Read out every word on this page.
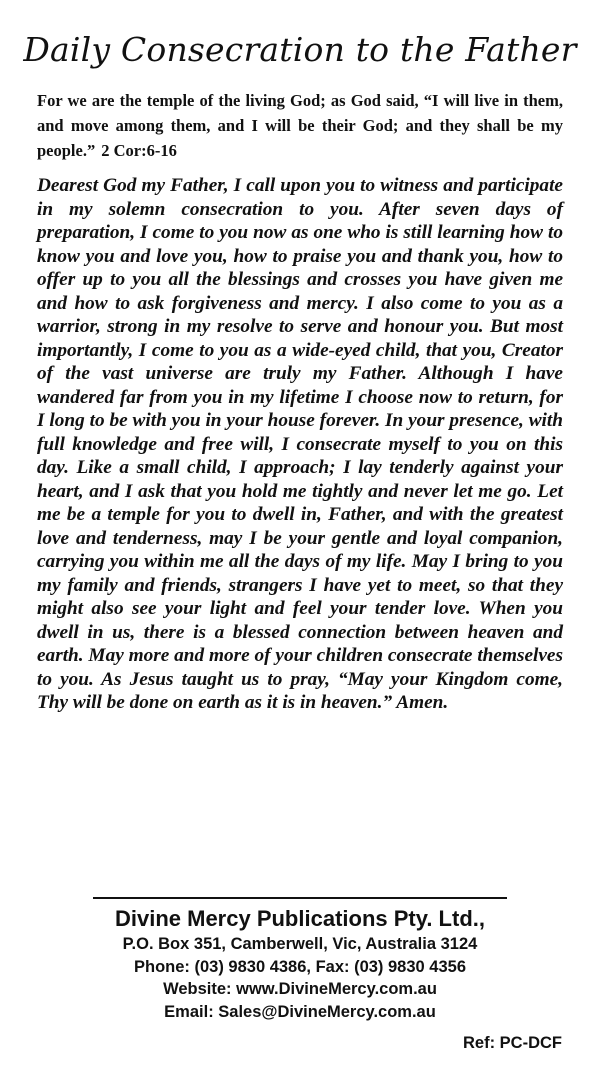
Daily Consecration to the Father

For we are the temple of the living God; as God said, “I will live in them, and move among them, and I will be their God; and they shall be my people.” 2 Cor:6-16

Dearest God my Father, I call upon you to witness and participate in my solemn consecration to you. After seven days of preparation, I come to you now as one who is still learning how to know you and love you, how to praise you and thank you, how to offer up to you all the blessings and crosses you have given me and how to ask forgiveness and mercy. I also come to you as a warrior, strong in my resolve to serve and honour you. But most importantly, I come to you as a wide-eyed child, that you, Creator of the vast universe are truly my Father. Although I have wandered far from you in my lifetime I choose now to return, for I long to be with you in your house forever. In your presence, with full knowledge and free will, I consecrate myself to you on this day. Like a small child, I approach; I lay tenderly against your heart, and I ask that you hold me tightly and never let me go. Let me be a temple for you to dwell in, Father, and with the greatest love and tenderness, may I be your gentle and loyal companion, carrying you within me all the days of my life. May I bring to you my family and friends, strangers I have yet to meet, so that they might also see your light and feel your tender love. When you dwell in us, there is a blessed connection between heaven and earth. May more and more of your children consecrate themselves to you. As Jesus taught us to pray, “May your Kingdom come, Thy will be done on earth as it is in heaven.” Amen.

Divine Mercy Publications Pty. Ltd.,

P.O. Box 351, Camberwell, Vic, Australia 3124

Phone: (03) 9830 4386, Fax: (03) 9830 4356

Website: www.DivineMercy.com.au

Email: Sales@DivineMercy.com.au

Ref: PC-DCF
